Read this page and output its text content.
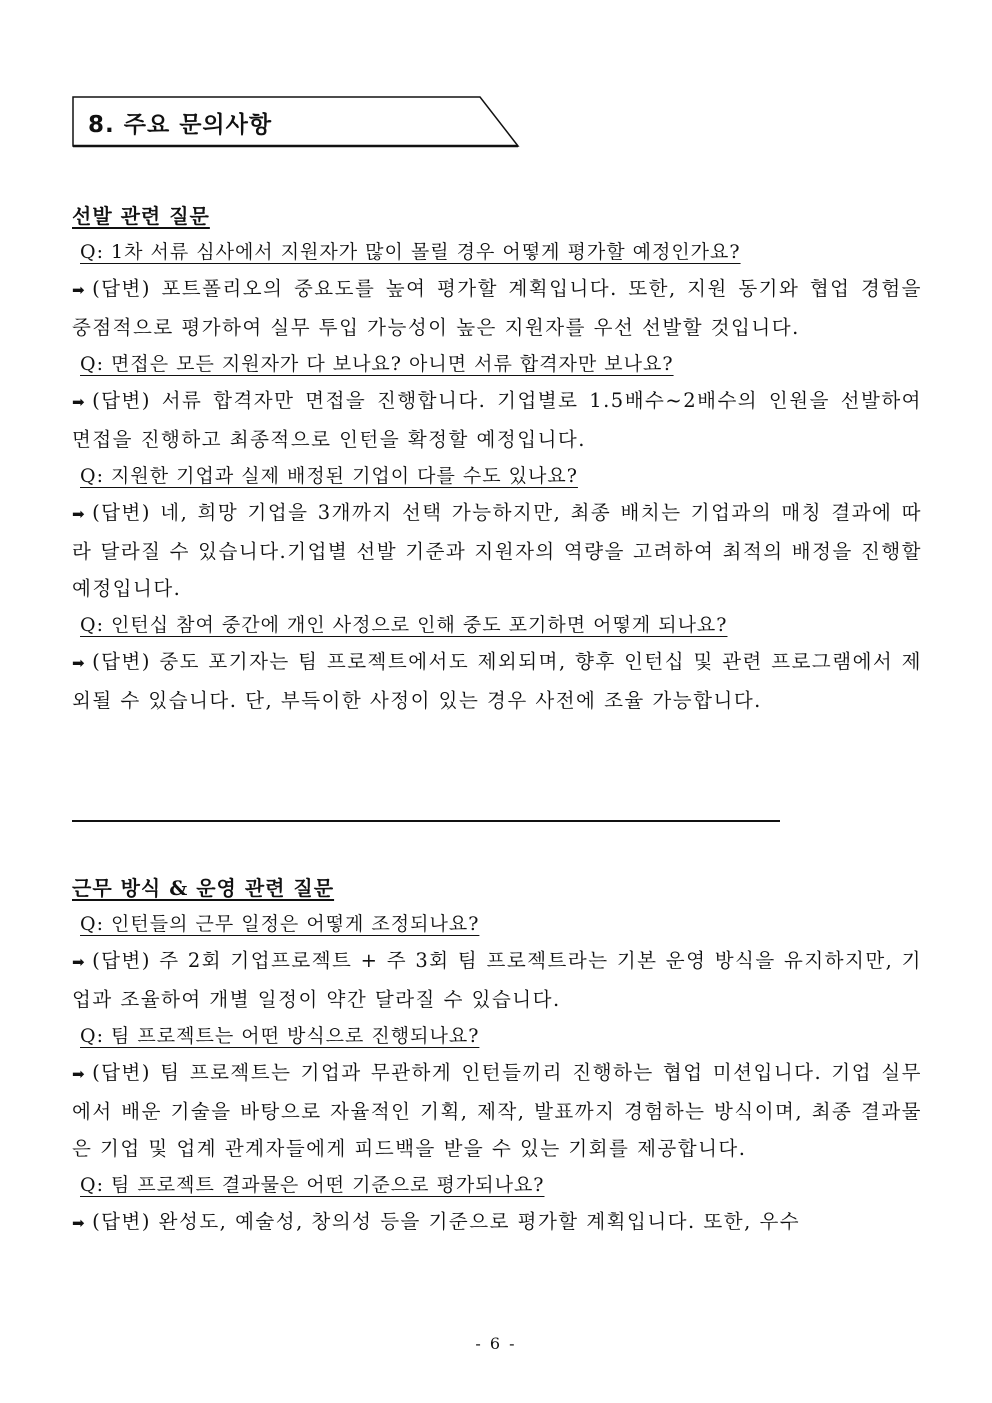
8. 주요 문의사항
선발 관련 질문
Q: 1차 서류 심사에서 지원자가 많이 몰릴 경우 어떻게 평가할 예정인가요?

➡ (답변) 포트폴리오의 중요도를 높여 평가할 계획입니다. 또한, 지원 동기와 협업 경험을 중점적으로 평가하여 실무 투입 가능성이 높은 지원자를 우선 선발할 것입니다.

Q: 면접은 모든 지원자가 다 보나요? 아니면 서류 합격자만 보나요?

➡ (답변) 서류 합격자만 면접을 진행합니다. 기업별로 1.5배수~2배수의 인원을 선발하여 면접을 진행하고 최종적으로 인턴을 확정할 예정입니다.

Q: 지원한 기업과 실제 배정된 기업이 다를 수도 있나요?

➡ (답변) 네, 희망 기업을 3개까지 선택 가능하지만, 최종 배치는 기업과의 매칭 결과에 따라 달라질 수 있습니다.기업별 선발 기준과 지원자의 역량을 고려하여 최적의 배정을 진행할 예정입니다.

Q: 인턴십 참여 중간에 개인 사정으로 인해 중도 포기하면 어떻게 되나요?

➡ (답변) 중도 포기자는 팀 프로젝트에서도 제외되며, 향후 인턴십 및 관련 프로그램에서 제외될 수 있습니다. 단, 부득이한 사정이 있는 경우 사전에 조율 가능합니다.

근무 방식 & 운영 관련 질문
Q: 인턴들의 근무 일정은 어떻게 조정되나요?

➡ (답변) 주 2회 기업프로젝트 + 주 3회 팀 프로젝트라는 기본 운영 방식을 유지하지만, 기업과 조율하여 개별 일정이 약간 달라질 수 있습니다.

Q: 팀 프로젝트는 어떤 방식으로 진행되나요?

➡ (답변) 팀 프로젝트는 기업과 무관하게 인턴들끼리 진행하는 협업 미션입니다. 기업 실무에서 배운 기술을 바탕으로 자율적인 기획, 제작, 발표까지 경험하는 방식이며, 최종 결과물은 기업 및 업계 관계자들에게 피드백을 받을 수 있는 기회를 제공합니다.

Q: 팀 프로젝트 결과물은 어떤 기준으로 평가되나요?

➡ (답변) 완성도, 예술성, 창의성 등을 기준으로 평가할 계획입니다. 또한, 우수

- 6 -
